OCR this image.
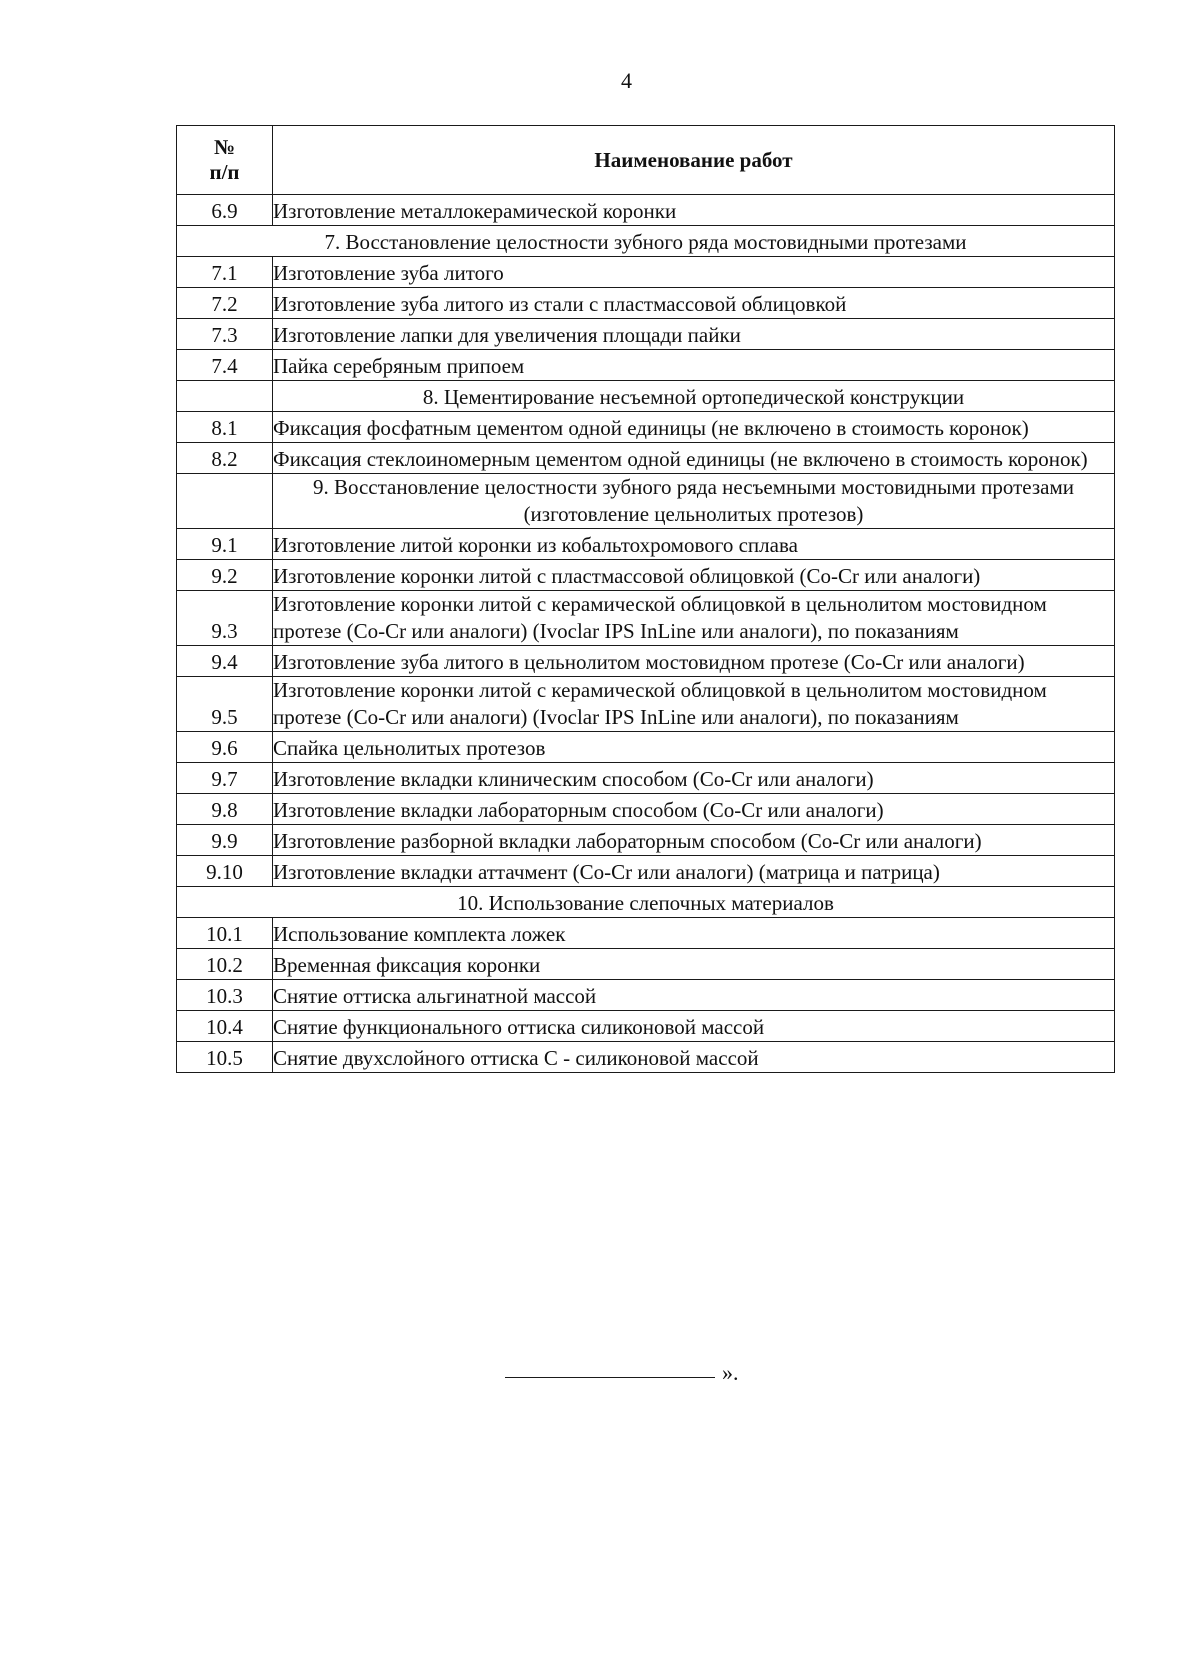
4
№
п/п	Наименование работ
6.9	Изготовление металлокерамической коронки
7. Восстановление целостности зубного ряда мостовидными протезами	
7.1	Изготовление зуба литого
7.2	Изготовление зуба литого из стали с пластмассовой облицовкой
7.3	Изготовление лапки для увеличения площади пайки
7.4	Пайка серебряным припоем
	8. Цементирование несъемной ортопедической конструкции
8.1	Фиксация фосфатным цементом одной единицы (не включено в стоимость коронок)
8.2	Фиксация стеклоиномерным цементом одной единицы (не включено в стоимость коронок)
	9. Восстановление целостности зубного ряда несъемными мостовидными протезами (изготовление цельнолитых протезов)
9.1	Изготовление литой коронки из кобальтохромового сплава
9.2	Изготовление коронки литой с пластмассовой облицовкой (Co-Cr или аналоги)
9.3	Изготовление коронки литой с керамической облицовкой в цельнолитом мостовидном протезе (Co-Cr или аналоги) (Ivoclar IPS InLine или аналоги), по показаниям
9.4	Изготовление зуба литого в цельнолитом мостовидном протезе (Co-Cr или аналоги)
9.5	Изготовление коронки литой с керамической облицовкой в цельнолитом мостовидном протезе (Co-Cr или аналоги) (Ivoclar IPS InLine или аналоги), по показаниям
9.6	Спайка цельнолитых протезов
9.7	Изготовление вкладки клиническим способом (Co-Cr или аналоги)
9.8	Изготовление вкладки лабораторным способом (Co-Cr или аналоги)
9.9	Изготовление разборной вкладки лабораторным способом (Co-Cr или аналоги)
9.10	Изготовление вкладки аттачмент (Co-Cr или аналоги) (матрица и патрица)
10. Использование слепочных материалов	
10.1	Использование комплекта ложек
10.2	Временная фиксация коронки
10.3	Снятие оттиска альгинатной массой
10.4	Снятие функционального оттиска силиконовой массой
10.5	Снятие двухслойного оттиска С - силиконовой массой
».
